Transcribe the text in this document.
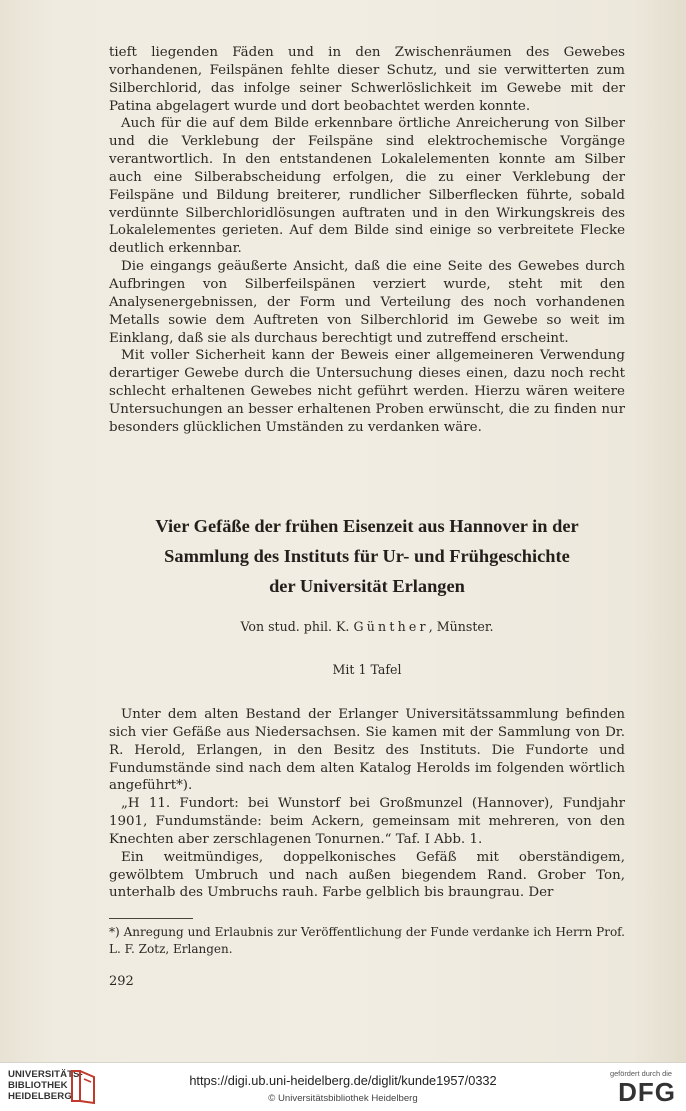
tieft liegenden Fäden und in den Zwischenräumen des Gewebes vorhandenen, Feilspänen fehlte dieser Schutz, und sie verwitterten zum Silberchlorid, das infolge seiner Schwerlöslichkeit im Gewebe mit der Patina abgelagert wurde und dort beobachtet werden konnte.

Auch für die auf dem Bilde erkennbare örtliche Anreicherung von Silber und die Verklebung der Feilspäne sind elektrochemische Vorgänge verantwortlich. In den entstandenen Lokalelementen konnte am Silber auch eine Silberabscheidung erfolgen, die zu einer Verklebung der Feilspäne und Bildung breiterer, rundlicher Silberflecken führte, sobald verdünnte Silberchloridlösungen auftraten und in den Wirkungskreis des Lokalelementes gerieten. Auf dem Bilde sind einige so verbreitete Flecke deutlich erkennbar.

Die eingangs geäußerte Ansicht, daß die eine Seite des Gewebes durch Aufbringen von Silberfeilspänen verziert wurde, steht mit den Analysenergebnissen, der Form und Verteilung des noch vorhandenen Metalls sowie dem Auftreten von Silberchlorid im Gewebe so weit im Einklang, daß sie als durchaus berechtigt und zutreffend erscheint.

Mit voller Sicherheit kann der Beweis einer allgemeineren Verwendung derartiger Gewebe durch die Untersuchung dieses einen, dazu noch recht schlecht erhaltenen Gewebes nicht geführt werden. Hierzu wären weitere Untersuchungen an besser erhaltenen Proben erwünscht, die zu finden nur besonders glücklichen Umständen zu verdanken wäre.

Vier Gefäße der frühen Eisenzeit aus Hannover in der
Sammlung des Instituts für Ur- und Frühgeschichte
der Universität Erlangen

Von stud. phil. K. Günther, Münster.

Mit 1 Tafel

Unter dem alten Bestand der Erlanger Universitätssammlung befinden sich vier Gefäße aus Niedersachsen. Sie kamen mit der Sammlung von Dr. R. Herold, Erlangen, in den Besitz des Instituts. Die Fundorte und Fundumstände sind nach dem alten Katalog Herolds im folgenden wörtlich angeführt*).

„H 11. Fundort: bei Wunstorf bei Großmunzel (Hannover), Fundjahr 1901, Fundumstände: beim Ackern, gemeinsam mit mehreren, von den Knechten aber zerschlagenen Tonurnen.“ Taf. I Abb. 1.

Ein weitmündiges, doppelkonisches Gefäß mit oberständigem, gewölbtem Umbruch und nach außen biegendem Rand. Grober Ton, unterhalb des Umbruchs rauh. Farbe gelblich bis braungrau. Der

*) Anregung und Erlaubnis zur Veröffentlichung der Funde verdanke ich Herrn Prof. L. F. Zotz, Erlangen.

292

UNIVERSITÄTS-
BIBLIOTHEK
HEIDELBERG

https://digi.ub.uni-heidelberg.de/diglit/kunde1957/0332

© Universitätsbibliothek Heidelberg

gefördert durch die

DFG
